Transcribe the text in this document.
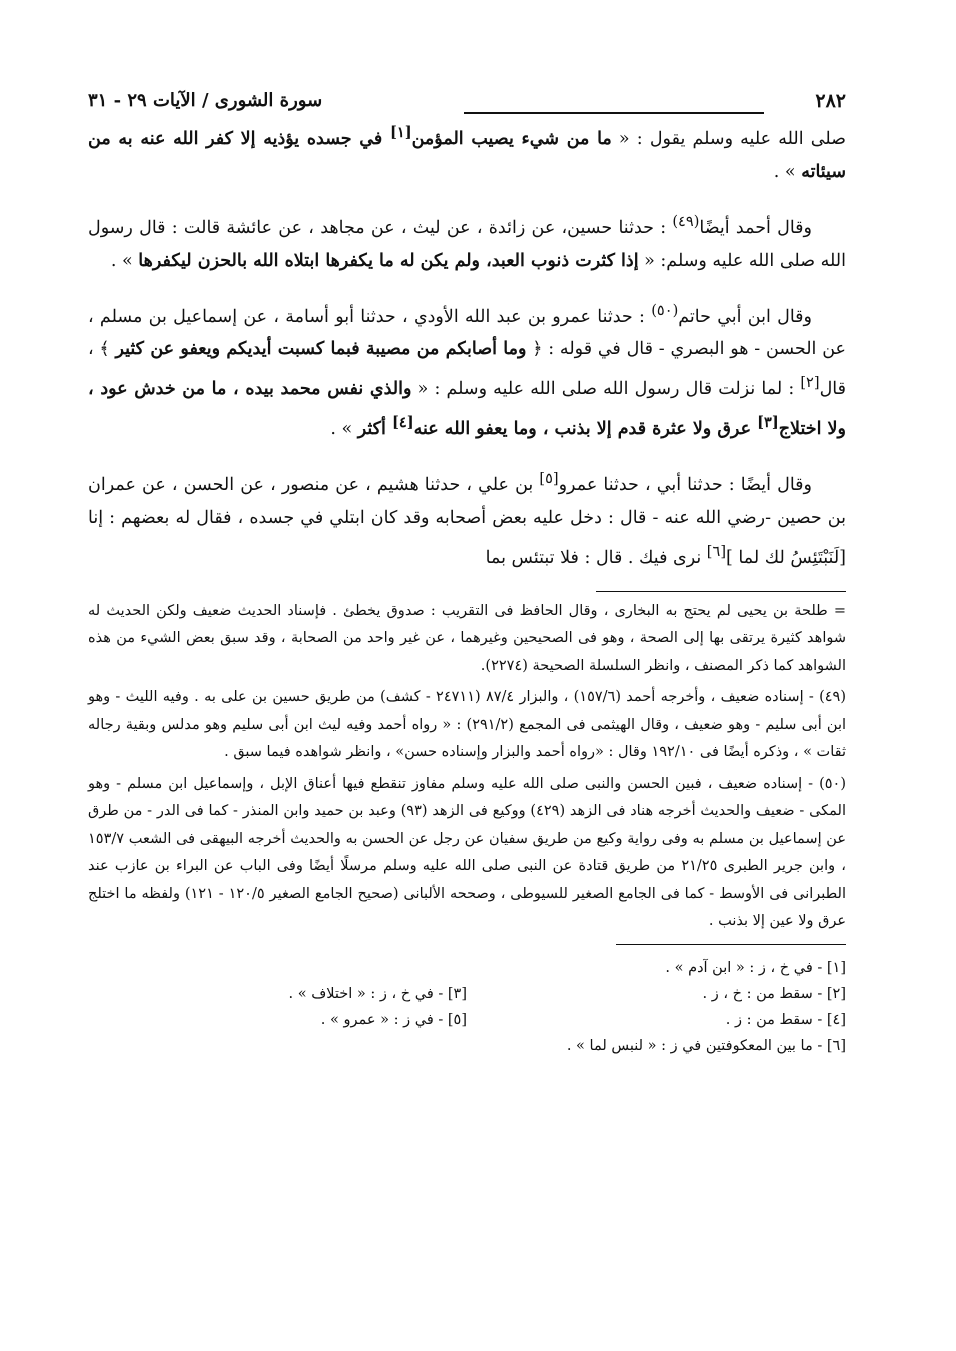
٢٨٢
سورة الشورى / الآيات ٢٩ - ٣١

صلى الله عليه وسلم يقول : « ما من شيء يصيب المؤمن[١] في جسده يؤذيه إلا كفر الله عنه به من سيئاته » .

وقال أحمد أيضًا$^{(٤٩)}$ : حدثنا حسين، عن زائدة ، عن ليث ، عن مجاهد ، عن عائشة قالت : قال رسول الله صلى الله عليه وسلم: « إذا كثرت ذنوب العبد، ولم يكن له ما يكفرها ابتلاه الله بالحزن ليكفرها » .

وقال ابن أبي حاتم$^{(٥٠)}$ : حدثنا عمرو بن عبد الله الأودي ، حدثنا أبو أسامة ، عن إسماعيل بن مسلم ، عن الحسن - هو البصري - قال في قوله : ﴿ وما أصابكم من مصيبة فبما كسبت أيديكم ويعفو عن كثير ﴾ ، قال[٢] : لما نزلت قال رسول الله صلى الله عليه وسلم : « والذي نفس محمد بيده ، ما من خدش عود ، ولا اختلاج[٣] عرق ولا عثرة قدم إلا بذنب ، وما يعفو الله عنه[٤] أكثر » .

وقال أيضًا : حدثنا أبي ، حدثنا عمرو[٥] بن علي ، حدثنا هشيم ، عن منصور ، عن الحسن ، عن عمران بن حصين -رضي الله عنه - قال : دخل عليه بعض أصحابه وقد كان ابتلي في جسده ، فقال له بعضهم : إنا [لَنَبْتَئِسُ لك لما ][٦] نرى فيك . قال : فلا تبتئس بما

= طلحة بن يحيى لم يحتج به البخارى ، وقال الحافظ فى التقريب : صدوق يخطئ . فإسناد الحديث ضعيف ولكن الحديث له شواهد كثيرة يرتقى بها إلى الصحة ، وهو فى الصحيحين وغيرهما ، عن غير واحد من الصحابة ، وقد سبق بعض الشيء من هذه الشواهد كما ذكر المصنف ، وانظر السلسلة الصحيحة (٢٢٧٤).

(٤٩) - إسناده ضعيف ، وأخرجه أحمد (١٥٧/٦) ، والبزار ٨٧/٤ (٢٤٧١١ - كشف) من طريق حسين بن على به . وفيه الليث - وهو ابن أبى سليم - وهو ضعيف ، وقال الهيثمى فى المجمع (٢٩١/٢) : « رواه أحمد وفيه ليث ابن أبى سليم وهو مدلس وبقية رجاله ثقات » ، وذكره أيضًا فى ١٩٢/١٠ وقال : «رواه أحمد والبزار وإسناده حسن» ، وانظر شواهده فيما سبق .

(٥٠) - إسناده ضعيف ، فبين الحسن والنبى صلى الله عليه وسلم مفاوز تنقطع فيها أعناق الإبل ، وإسماعيل ابن مسلم - وهو المكى - ضعيف والحديث أخرجه هناد فى الزهد (٤٢٩) ووكيع فى الزهد (٩٣) وعبد بن حميد وابن المنذر - كما فى الدر - من طرق عن إسماعيل بن مسلم به وفى رواية وكيع من طريق سفيان عن رجل عن الحسن به والحديث أخرجه البيهقى فى الشعب ١٥٣/٧ ، وابن جرير الطبرى ٢١/٢٥ من طريق قتادة عن النبى صلى الله عليه وسلم مرسلًا أيضًا وفى الباب عن البراء بن عازب عند الطبرانى فى الأوسط - كما فى الجامع الصغير للسيوطى ، وصححه الألبانى (صحيح الجامع الصغير ١٢٠/٥ - ١٢١) ولفظه ما اختلج عرق ولا عين إلا بذنب .

[١] - في خ ، ز : « ابن آدم » .
[٢] - سقط من : خ ، ز .
[٣] - في خ ، ز : « اختلاف » .
[٤] - سقط من : ز .
[٥] - في ز : « عمرو » .
[٦] - ما بين المعكوفتين في ز : « لنبس لما » .
